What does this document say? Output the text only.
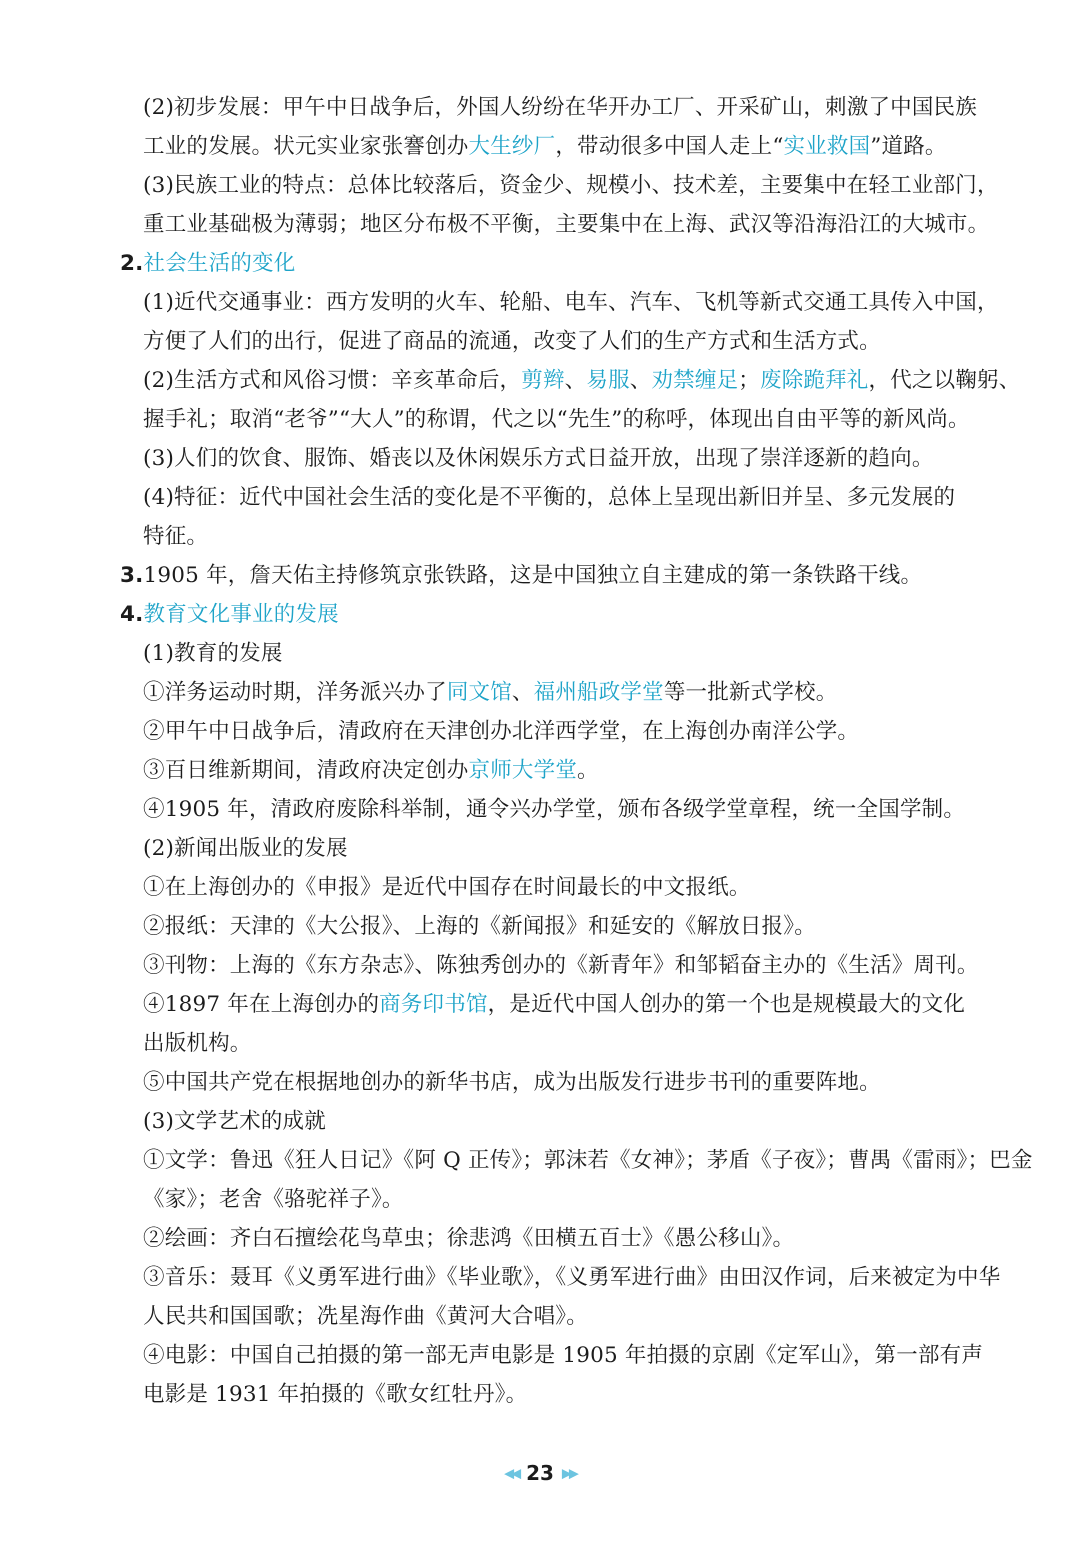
(2)初步发展：甲午中日战争后，外国人纷纷在华开办工厂、开采矿山，刺激了中国民族
工业的发展。状元实业家张謇创办大生纱厂，带动很多中国人走上“实业救国”道路。
(3)民族工业的特点：总体比较落后，资金少、规模小、技术差，主要集中在轻工业部门，
重工业基础极为薄弱；地区分布极不平衡，主要集中在上海、武汉等沿海沿江的大城市。
2.社会生活的变化
(1)近代交通事业：西方发明的火车、轮船、电车、汽车、飞机等新式交通工具传入中国，
方便了人们的出行，促进了商品的流通，改变了人们的生产方式和生活方式。
(2)生活方式和风俗习惯：辛亥革命后，剪辫、易服、劝禁缠足；废除跪拜礼，代之以鞠躬、
握手礼；取消“老爷”“大人”的称谓，代之以“先生”的称呼，体现出自由平等的新风尚。
(3)人们的饮食、服饰、婚丧以及休闲娱乐方式日益开放，出现了崇洋逐新的趋向。
(4)特征：近代中国社会生活的变化是不平衡的，总体上呈现出新旧并呈、多元发展的
特征。
3.1905 年，詹天佑主持修筑京张铁路，这是中国独立自主建成的第一条铁路干线。
4.教育文化事业的发展
(1)教育的发展
①洋务运动时期，洋务派兴办了同文馆、福州船政学堂等一批新式学校。
②甲午中日战争后，清政府在天津创办北洋西学堂，在上海创办南洋公学。
③百日维新期间，清政府决定创办京师大学堂。
④1905 年，清政府废除科举制，通令兴办学堂，颁布各级学堂章程，统一全国学制。
(2)新闻出版业的发展
①在上海创办的《申报》是近代中国存在时间最长的中文报纸。
②报纸：天津的《大公报》、上海的《新闻报》和延安的《解放日报》。
③刊物：上海的《东方杂志》、陈独秀创办的《新青年》和邹韬奋主办的《生活》周刊。
④1897 年在上海创办的商务印书馆，是近代中国人创办的第一个也是规模最大的文化
出版机构。
⑤中国共产党在根据地创办的新华书店，成为出版发行进步书刊的重要阵地。
(3)文学艺术的成就
①文学：鲁迅《狂人日记》《阿 Q 正传》；郭沫若《女神》；茅盾《子夜》；曹禺《雷雨》；巴金
《家》；老舍《骆驼祥子》。
②绘画：齐白石擅绘花鸟草虫；徐悲鸿《田横五百士》《愚公移山》。
③音乐：聂耳《义勇军进行曲》《毕业歌》，《义勇军进行曲》由田汉作词，后来被定为中华
人民共和国国歌；冼星海作曲《黄河大合唱》。
④电影：中国自己拍摄的第一部无声电影是 1905 年拍摄的京剧《定军山》，第一部有声
电影是 1931 年拍摄的《歌女红牡丹》。
◀◀ 23 ▶▶
